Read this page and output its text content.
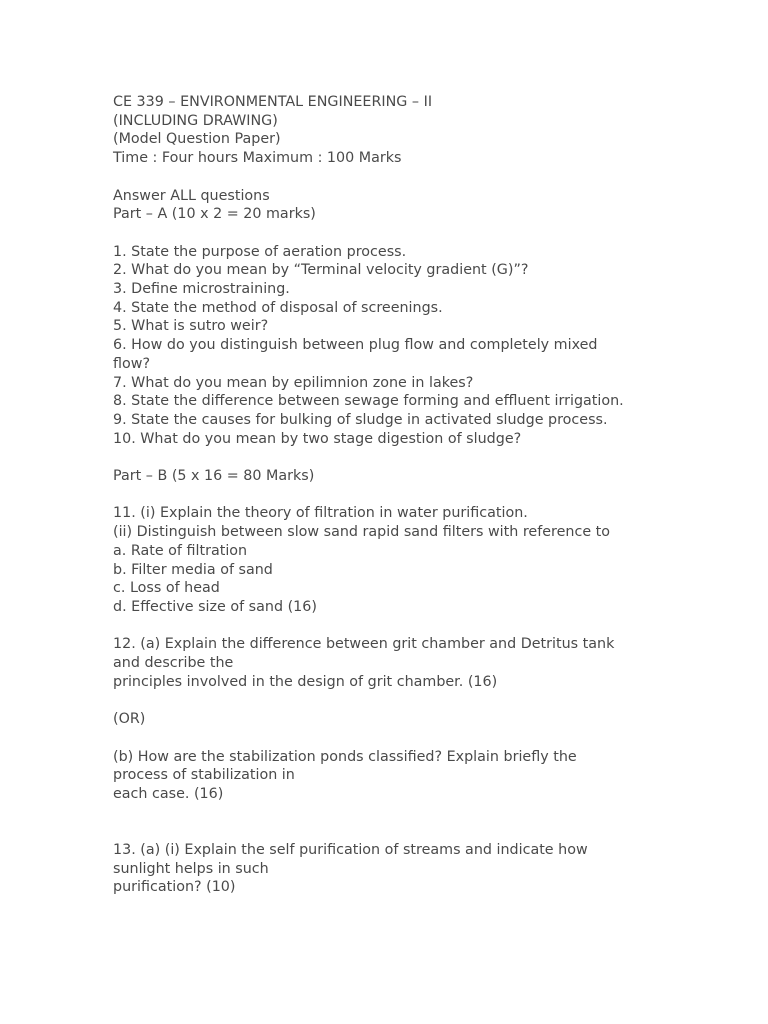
CE 339 – ENVIRONMENTAL ENGINEERING – II

(INCLUDING DRAWING)

(Model Question Paper)

Time : Four hours Maximum : 100 Marks

Answer ALL questions

Part – A (10 x 2 = 20 marks)

1. State the purpose of aeration process.

2. What do you mean by “Terminal velocity gradient (G)”?

3. Define microstraining.

4. State the method of disposal of screenings.

5. What is sutro weir?

6. How do you distinguish between plug flow and completely mixed

flow?

7. What do you mean by epilimnion zone in lakes?

8. State the difference between sewage forming and effluent irrigation.

9. State the causes for bulking of sludge in activated sludge process.

10. What do you mean by two stage digestion of sludge?

Part – B (5 x 16 = 80 Marks)

11. (i) Explain the theory of filtration in water purification.

(ii) Distinguish between slow sand rapid sand filters with reference to

a. Rate of filtration

b. Filter media of sand

c. Loss of head

d. Effective size of sand (16)

12. (a) Explain the difference between grit chamber and Detritus tank

and describe the

principles involved in the design of grit chamber. (16)

(OR)

(b) How are the stabilization ponds classified? Explain briefly the

process of stabilization in

each case. (16)

13. (a) (i) Explain the self purification of streams and indicate how

sunlight helps in such

purification? (10)
